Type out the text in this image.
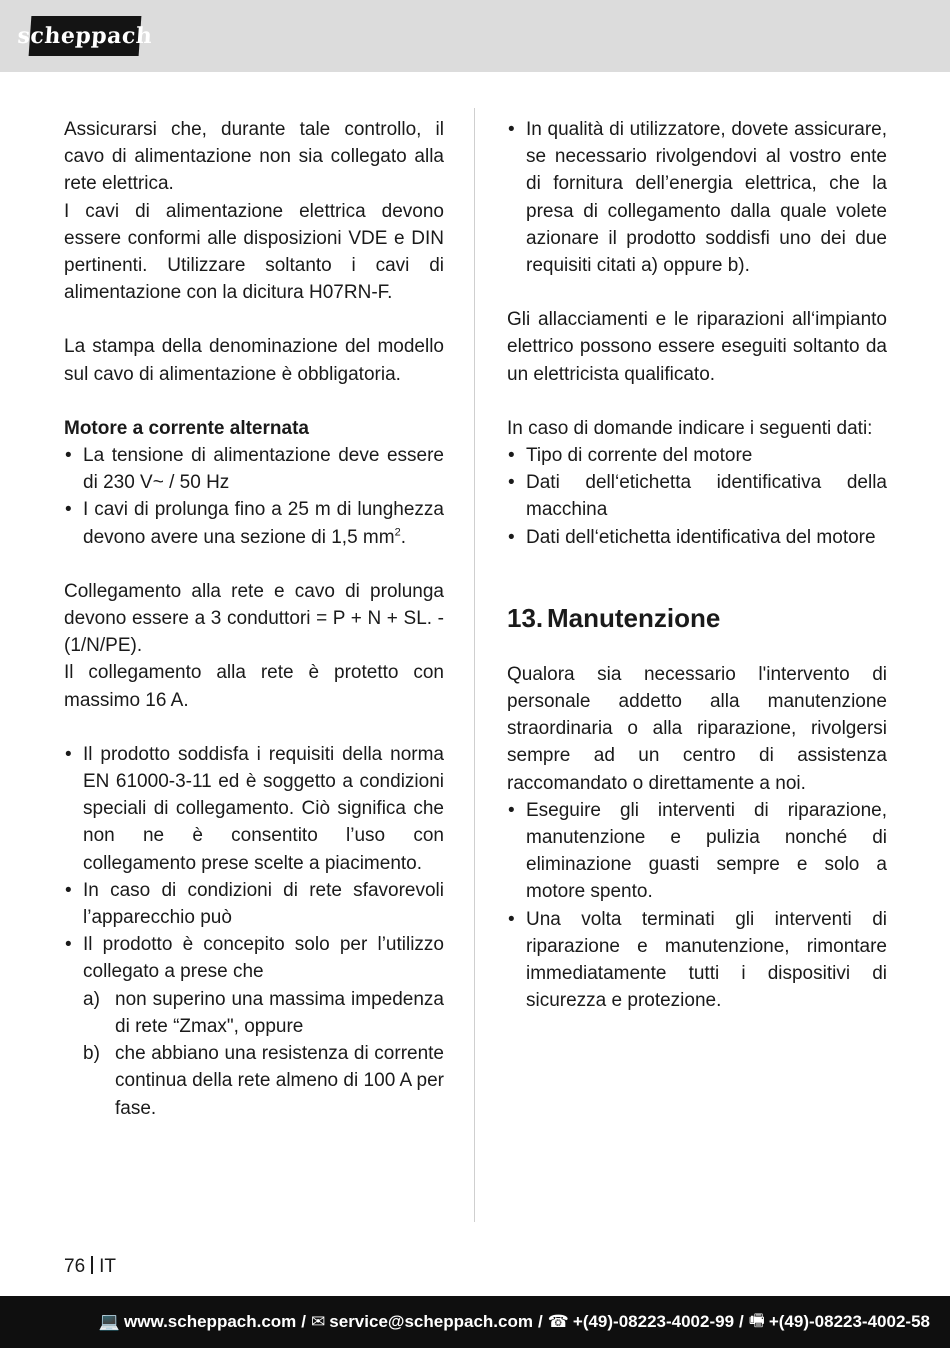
scheppach

Assicurarsi che, durante tale controllo, il cavo di alimentazione non sia collegato alla rete elettrica.

I cavi di alimentazione elettrica devono essere conformi alle disposizioni VDE e DIN pertinenti. Utilizzare soltanto i cavi di alimentazione con la dicitura H07RN-F.

La stampa della denominazione del modello sul cavo di alimentazione è obbligatoria.

Motore a corrente alternata

• La tensione di alimentazione deve essere di 230 V~ / 50 Hz
• I cavi di prolunga fino a 25 m di lunghezza devono avere una sezione di 1,5 $mm^2$.

Collegamento alla rete e cavo di prolunga devono essere a 3 conduttori = P + N + SL. - (1/N/PE).

Il collegamento alla rete è protetto con massimo 16 A.

• Il prodotto soddisfa i requisiti della norma EN 61000-3-11 ed è soggetto a condizioni speciali di collegamento. Ciò significa che non ne è consentito l’uso con collegamento prese scelte a piacimento.
• In caso di condizioni di rete sfavorevoli l’apparecchio può
• Il prodotto è concepito solo per l’utilizzo collegato a prese che
a) non superino una massima impedenza di rete “Zmax", oppure
b) che abbiano una resistenza di corrente continua della rete almeno di 100 A per fase.
• In qualità di utilizzatore, dovete assicurare, se necessario rivolgendovi al vostro ente di fornitura dell’energia elettrica, che la presa di collegamento dalla quale volete azionare il prodotto soddisfi uno dei due requisiti citati a) oppure b).

Gli allacciamenti e le riparazioni all‘impianto elettrico possono essere eseguiti soltanto da un elettricista qualificato.

In caso di domande indicare i seguenti dati:

• Tipo di corrente del motore
• Dati dell‘etichetta identificativa della macchina
• Dati dell‘etichetta identificativa del motore
13. Manutenzione

Qualora sia necessario l'intervento di personale addetto alla manutenzione straordinaria o alla riparazione, rivolgersi sempre ad un centro di assistenza raccomandato o direttamente a noi.

• Eseguire gli interventi di riparazione, manutenzione e pulizia nonché di eliminazione guasti sempre e solo a motore spento.
• Una volta terminati gli interventi di riparazione e manutenzione, rimontare immediatamente tutti i dispositivi di sicurezza e protezione.
76 IT
💻 www.scheppach.com / ✉ service@scheppach.com / ☎ +(49)-08223-4002-99 / 🖷 +(49)-08223-4002-58
